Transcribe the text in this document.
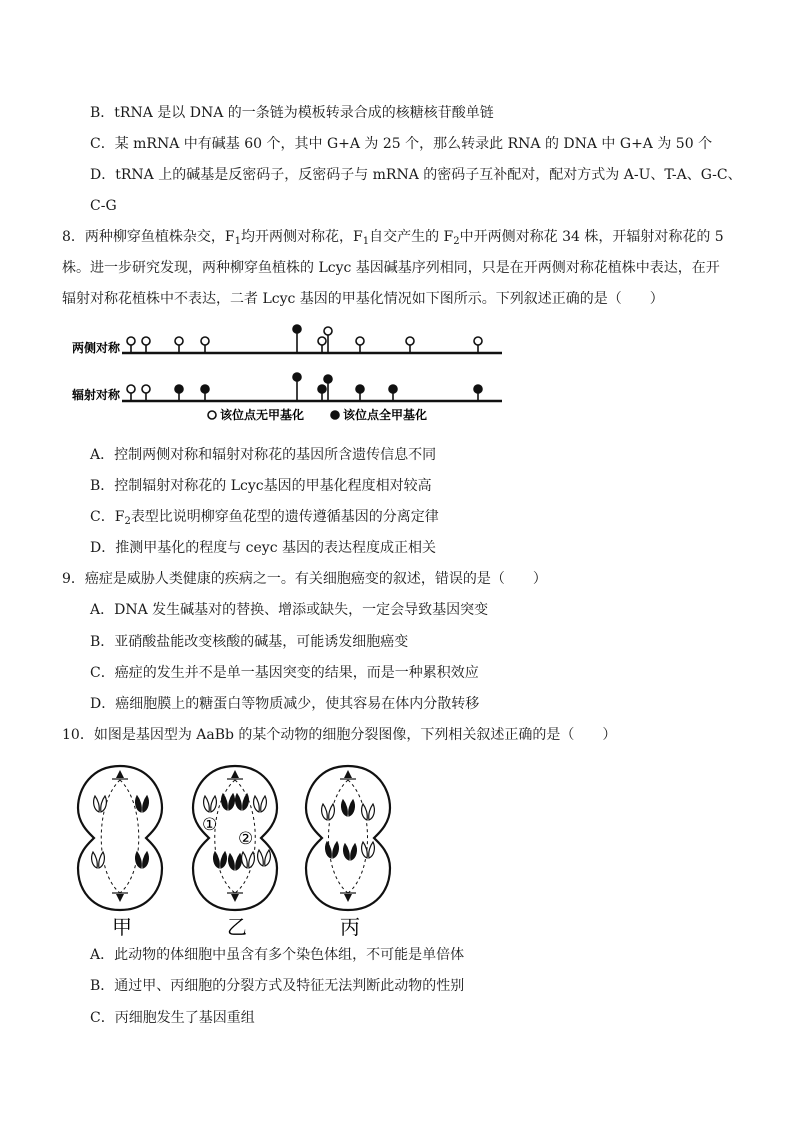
B．tRNA 是以 DNA 的一条链为模板转录合成的核糖核苷酸单链
C．某 mRNA 中有碱基 60 个，其中 G+A 为 25 个，那么转录此 RNA 的 DNA 中 G+A 为 50 个
D．tRNA 上的碱基是反密码子，反密码子与 mRNA 的密码子互补配对，配对方式为 A-U、T-A、G-C、
C-G
8．两种柳穿鱼植株杂交，$F_1$均开两侧对称花，$F_1$自交产生的 $F_2$中开两侧对称花 34 株，开辐射对称花的 5
株。进一步研究发现，两种柳穿鱼植株的 Lcyc 基因碱基序列相同，只是在开两侧对称花植株中表达，在开
辐射对称花植株中不表达，二者 Lcyc 基因的甲基化情况如下图所示。下列叙述正确的是（　　）
两侧对称
辐射对称
该位点无甲基化	该位点全甲基化
A．控制两侧对称和辐射对称花的基因所含遗传信息不同
B．控制辐射对称花的 Lcyc基因的甲基化程度相对较高
C．$F_2$表型比说明柳穿鱼花型的遗传遵循基因的分离定律
D．推测甲基化的程度与 ceyc 基因的表达程度成正相关
9．癌症是威胁人类健康的疾病之一。有关细胞癌变的叙述，错误的是（　　）
A．DNA 发生碱基对的替换、增添或缺失，一定会导致基因突变
B．亚硝酸盐能改变核酸的碱基，可能诱发细胞癌变
C．癌症的发生并不是单一基因突变的结果，而是一种累积效应
D．癌细胞膜上的糖蛋白等物质减少，使其容易在体内分散转移
10．如图是基因型为 AaBb 的某个动物的细胞分裂图像，下列相关叙述正确的是（　　）
①
②
甲	乙	丙
A．此动物的体细胞中虽含有多个染色体组，不可能是单倍体
B．通过甲、丙细胞的分裂方式及特征无法判断此动物的性别
C．丙细胞发生了基因重组
